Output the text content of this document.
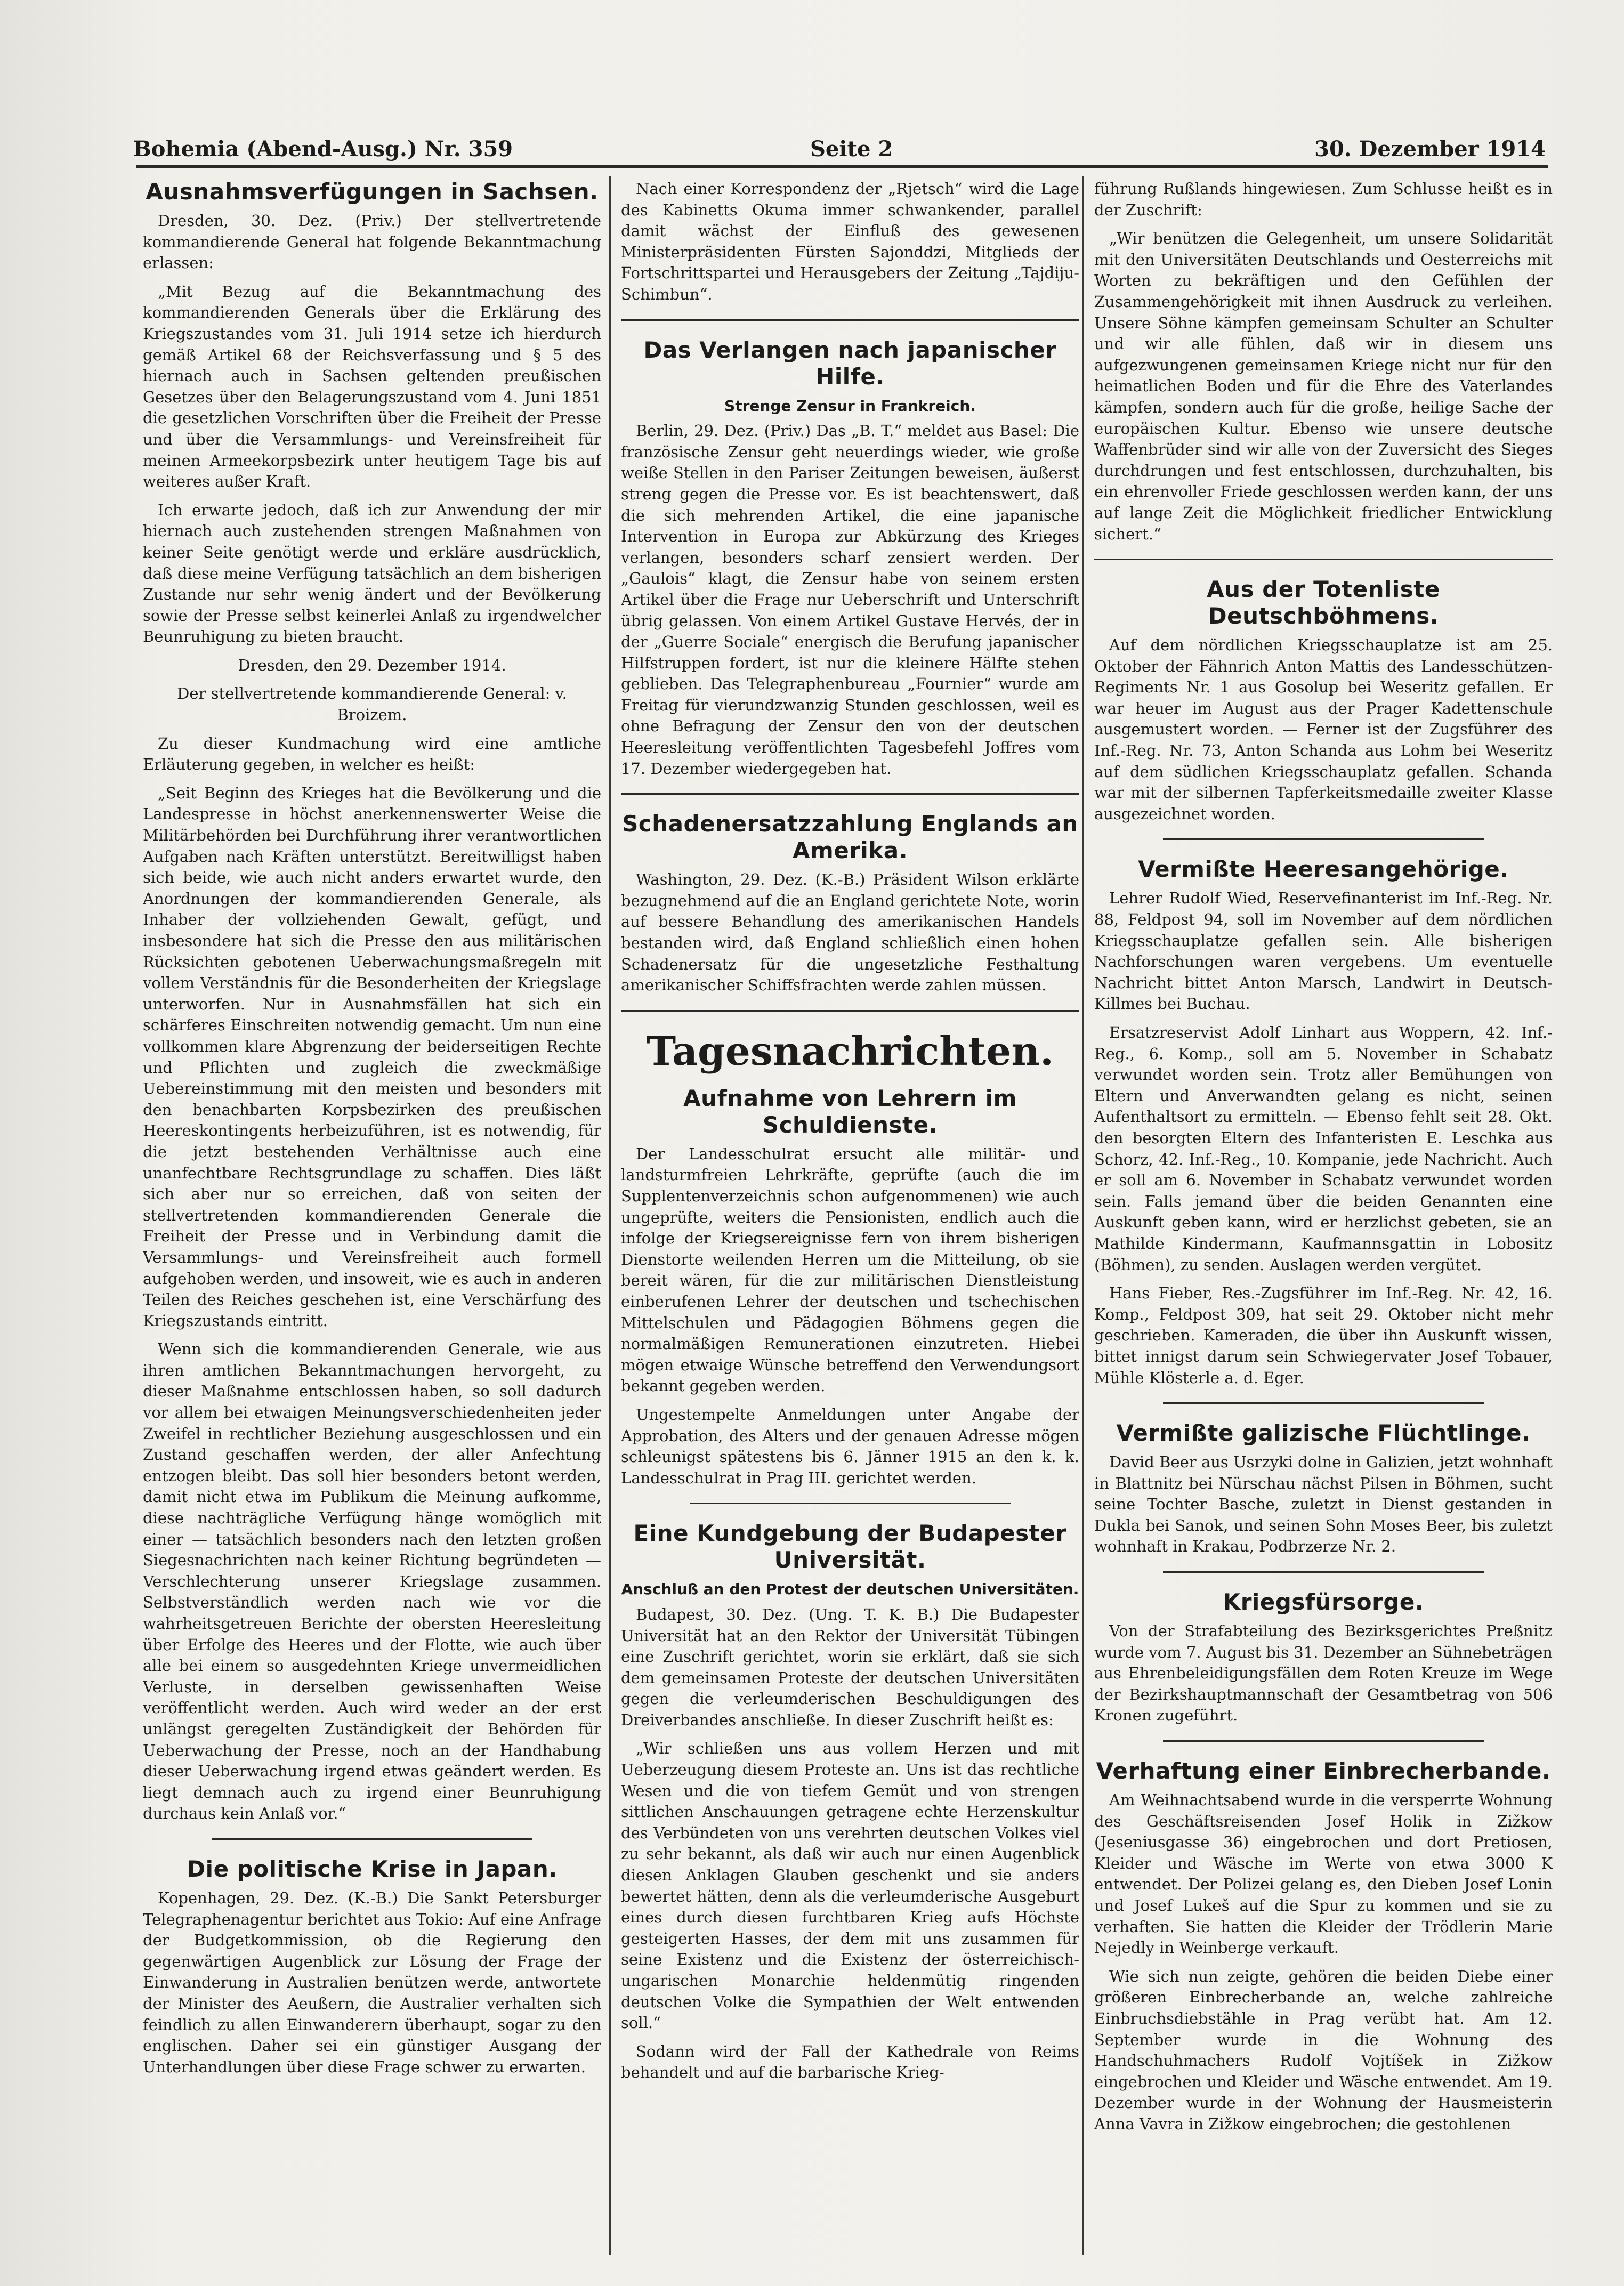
Bohemia (Abend-Ausg.) Nr. 359	Seite 2	30. Dezember 1914
Ausnahmsverfügungen in Sachsen.

Dresden, 30. Dez. (Priv.) Der stellvertretende kommandierende General hat folgende Bekanntmachung erlassen:

„Mit Bezug auf die Bekanntmachung des kommandierenden Generals über die Erklärung des Kriegszustandes vom 31. Juli 1914 setze ich hierdurch gemäß Artikel 68 der Reichsverfassung und § 5 des hiernach auch in Sachsen geltenden preußischen Gesetzes über den Belagerungszustand vom 4. Juni 1851 die gesetzlichen Vorschriften über die Freiheit der Presse und über die Versammlungs- und Vereinsfreiheit für meinen Armeekorpsbezirk unter heutigem Tage bis auf weiteres außer Kraft.

Ich erwarte jedoch, daß ich zur Anwendung der mir hiernach auch zustehenden strengen Maßnahmen von keiner Seite genötigt werde und erkläre ausdrücklich, daß diese meine Verfügung tatsächlich an dem bisherigen Zustande nur sehr wenig ändert und der Bevölkerung sowie der Presse selbst keinerlei Anlaß zu irgendwelcher Beunruhigung zu bieten braucht.

Dresden, den 29. Dezember 1914.

Der stellvertretende kommandierende General: v. Broizem.

Zu dieser Kundmachung wird eine amtliche Erläuterung gegeben, in welcher es heißt:

„Seit Beginn des Krieges hat die Bevölkerung und die Landespresse in höchst anerkennenswerter Weise die Militärbehörden bei Durchführung ihrer verantwortlichen Aufgaben nach Kräften unterstützt. Bereitwilligst haben sich beide, wie auch nicht anders erwartet wurde, den Anordnungen der kommandierenden Generale, als Inhaber der vollziehenden Gewalt, gefügt, und insbesondere hat sich die Presse den aus militärischen Rücksichten gebotenen Ueberwachungsmaßregeln mit vollem Verständnis für die Besonderheiten der Kriegslage unterworfen. Nur in Ausnahmsfällen hat sich ein schärferes Einschreiten notwendig gemacht. Um nun eine vollkommen klare Abgrenzung der beiderseitigen Rechte und Pflichten und zugleich die zweckmäßige Uebereinstimmung mit den meisten und besonders mit den benachbarten Korpsbezirken des preußischen Heereskontingents herbeizuführen, ist es notwendig, für die jetzt bestehenden Verhältnisse auch eine unanfechtbare Rechtsgrundlage zu schaffen. Dies läßt sich aber nur so erreichen, daß von seiten der stellvertretenden kommandierenden Generale die Freiheit der Presse und in Verbindung damit die Versammlungs- und Vereinsfreiheit auch formell aufgehoben werden, und insoweit, wie es auch in anderen Teilen des Reiches geschehen ist, eine Verschärfung des Kriegszustands eintritt.

Wenn sich die kommandierenden Generale, wie aus ihren amtlichen Bekanntmachungen hervorgeht, zu dieser Maßnahme entschlossen haben, so soll dadurch vor allem bei etwaigen Meinungsverschiedenheiten jeder Zweifel in rechtlicher Beziehung ausgeschlossen und ein Zustand geschaffen werden, der aller Anfechtung entzogen bleibt. Das soll hier besonders betont werden, damit nicht etwa im Publikum die Meinung aufkomme, diese nachträgliche Verfügung hänge womöglich mit einer — tatsächlich besonders nach den letzten großen Siegesnachrichten nach keiner Richtung begründeten — Verschlechterung unserer Kriegslage zusammen. Selbstverständlich werden nach wie vor die wahrheitsgetreuen Berichte der obersten Heeresleitung über Erfolge des Heeres und der Flotte, wie auch über alle bei einem so ausgedehnten Kriege unvermeidlichen Verluste, in derselben gewissenhaften Weise veröffentlicht werden. Auch wird weder an der erst unlängst geregelten Zuständigkeit der Behörden für Ueberwachung der Presse, noch an der Handhabung dieser Ueberwachung irgend etwas geändert werden. Es liegt demnach auch zu irgend einer Beunruhigung durchaus kein Anlaß vor.“

Die politische Krise in Japan.

Kopenhagen, 29. Dez. (K.-B.) Die Sankt Petersburger Telegraphenagentur berichtet aus Tokio: Auf eine Anfrage der Budgetkommission, ob die Regierung den gegenwärtigen Augenblick zur Lösung der Frage der Einwanderung in Australien benützen werde, antwortete der Minister des Aeußern, die Australier verhalten sich feindlich zu allen Einwanderern überhaupt, sogar zu den englischen. Daher sei ein günstiger Ausgang der Unterhandlungen über diese Frage schwer zu erwarten.

Nach einer Korrespondenz der „Rjetsch“ wird die Lage des Kabinetts Okuma immer schwankender, parallel damit wächst der Einfluß des gewesenen Ministerpräsidenten Fürsten Sajonddzi, Mitglieds der Fortschrittspartei und Herausgebers der Zeitung „Tajdiju-Schimbun“.

Das Verlangen nach japanischer Hilfe.
Strenge Zensur in Frankreich.

Berlin, 29. Dez. (Priv.) Das „B. T.“ meldet aus Basel: Die französische Zensur geht neuerdings wieder, wie große weiße Stellen in den Pariser Zeitungen beweisen, äußerst streng gegen die Presse vor. Es ist beachtenswert, daß die sich mehrenden Artikel, die eine japanische Intervention in Europa zur Abkürzung des Krieges verlangen, besonders scharf zensiert werden. Der „Gaulois“ klagt, die Zensur habe von seinem ersten Artikel über die Frage nur Ueberschrift und Unterschrift übrig gelassen. Von einem Artikel Gustave Hervés, der in der „Guerre Sociale“ energisch die Berufung japanischer Hilfstruppen fordert, ist nur die kleinere Hälfte stehen geblieben. Das Telegraphenbureau „Fournier“ wurde am Freitag für vierundzwanzig Stunden geschlossen, weil es ohne Befragung der Zensur den von der deutschen Heeresleitung veröffentlichten Tagesbefehl Joffres vom 17. Dezember wiedergegeben hat.

Schadenersatzzahlung Englands an Amerika.

Washington, 29. Dez. (K.-B.) Präsident Wilson erklärte bezugnehmend auf die an England gerichtete Note, worin auf bessere Behandlung des amerikanischen Handels bestanden wird, daß England schließlich einen hohen Schadenersatz für die ungesetzliche Festhaltung amerikanischer Schiffsfrachten werde zahlen müssen.

Tagesnachrichten.
Aufnahme von Lehrern im Schuldienste.

Der Landesschulrat ersucht alle militär- und landsturmfreien Lehrkräfte, geprüfte (auch die im Supplentenverzeichnis schon aufgenommenen) wie auch ungeprüfte, weiters die Pensionisten, endlich auch die infolge der Kriegsereignisse fern von ihrem bisherigen Dienstorte weilenden Herren um die Mitteilung, ob sie bereit wären, für die zur militärischen Dienstleistung einberufenen Lehrer der deutschen und tschechischen Mittelschulen und Pädagogien Böhmens gegen die normalmäßigen Remunerationen einzutreten. Hiebei mögen etwaige Wünsche betreffend den Verwendungsort bekannt gegeben werden.

Ungestempelte Anmeldungen unter Angabe der Approbation, des Alters und der genauen Adresse mögen schleunigst spätestens bis 6. Jänner 1915 an den k. k. Landesschulrat in Prag III. gerichtet werden.

Eine Kundgebung der Budapester Universität.
Anschluß an den Protest der deutschen Universitäten.

Budapest, 30. Dez. (Ung. T. K. B.) Die Budapester Universität hat an den Rektor der Universität Tübingen eine Zuschrift gerichtet, worin sie erklärt, daß sie sich dem gemeinsamen Proteste der deutschen Universitäten gegen die verleumderischen Beschuldigungen des Dreiverbandes anschließe. In dieser Zuschrift heißt es:

„Wir schließen uns aus vollem Herzen und mit Ueberzeugung diesem Proteste an. Uns ist das rechtliche Wesen und die von tiefem Gemüt und von strengen sittlichen Anschauungen getragene echte Herzenskultur des Verbündeten von uns verehrten deutschen Volkes viel zu sehr bekannt, als daß wir auch nur einen Augenblick diesen Anklagen Glauben geschenkt und sie anders bewertet hätten, denn als die verleumderische Ausgeburt eines durch diesen furchtbaren Krieg aufs Höchste gesteigerten Hasses, der dem mit uns zusammen für seine Existenz und die Existenz der österreichisch-ungarischen Monarchie heldenmütig ringenden deutschen Volke die Sympathien der Welt entwenden soll.“

Sodann wird der Fall der Kathedrale von Reims behandelt und auf die barbarische Krieg-

führung Rußlands hingewiesen. Zum Schlusse heißt es in der Zuschrift:

„Wir benützen die Gelegenheit, um unsere Solidarität mit den Universitäten Deutschlands und Oesterreichs mit Worten zu bekräftigen und den Gefühlen der Zusammengehörigkeit mit ihnen Ausdruck zu verleihen. Unsere Söhne kämpfen gemeinsam Schulter an Schulter und wir alle fühlen, daß wir in diesem uns aufgezwungenen gemeinsamen Kriege nicht nur für den heimatlichen Boden und für die Ehre des Vaterlandes kämpfen, sondern auch für die große, heilige Sache der europäischen Kultur. Ebenso wie unsere deutsche Waffenbrüder sind wir alle von der Zuversicht des Sieges durchdrungen und fest entschlossen, durchzuhalten, bis ein ehrenvoller Friede geschlossen werden kann, der uns auf lange Zeit die Möglichkeit friedlicher Entwicklung sichert.“

Aus der Totenliste Deutschböhmens.

Auf dem nördlichen Kriegsschauplatze ist am 25. Oktober der Fähnrich Anton Mattis des Landesschützen-Regiments Nr. 1 aus Gosolup bei Weseritz gefallen. Er war heuer im August aus der Prager Kadettenschule ausgemustert worden. — Ferner ist der Zugsführer des Inf.-Reg. Nr. 73, Anton Schanda aus Lohm bei Weseritz auf dem südlichen Kriegsschauplatz gefallen. Schanda war mit der silbernen Tapferkeitsmedaille zweiter Klasse ausgezeichnet worden.

Vermißte Heeresangehörige.

Lehrer Rudolf Wied, Reservefinanterist im Inf.-Reg. Nr. 88, Feldpost 94, soll im November auf dem nördlichen Kriegsschauplatze gefallen sein. Alle bisherigen Nachforschungen waren vergebens. Um eventuelle Nachricht bittet Anton Marsch, Landwirt in Deutsch-Killmes bei Buchau.

Ersatzreservist Adolf Linhart aus Woppern, 42. Inf.-Reg., 6. Komp., soll am 5. November in Schabatz verwundet worden sein. Trotz aller Bemühungen von Eltern und Anverwandten gelang es nicht, seinen Aufenthaltsort zu ermitteln. — Ebenso fehlt seit 28. Okt. den besorgten Eltern des Infanteristen E. Leschka aus Schorz, 42. Inf.-Reg., 10. Kompanie, jede Nachricht. Auch er soll am 6. November in Schabatz verwundet worden sein. Falls jemand über die beiden Genannten eine Auskunft geben kann, wird er herzlichst gebeten, sie an Mathilde Kindermann, Kaufmannsgattin in Lobositz (Böhmen), zu senden. Auslagen werden vergütet.

Hans Fieber, Res.-Zugsführer im Inf.-Reg. Nr. 42, 16. Komp., Feldpost 309, hat seit 29. Oktober nicht mehr geschrieben. Kameraden, die über ihn Auskunft wissen, bittet innigst darum sein Schwiegervater Josef Tobauer, Mühle Klösterle a. d. Eger.

Vermißte galizische Flüchtlinge.

David Beer aus Usrzyki dolne in Galizien, jetzt wohnhaft in Blattnitz bei Nürschau nächst Pilsen in Böhmen, sucht seine Tochter Basche, zuletzt in Dienst gestanden in Dukla bei Sanok, und seinen Sohn Moses Beer, bis zuletzt wohnhaft in Krakau, Podbrzerze Nr. 2.

Kriegsfürsorge.

Von der Strafabteilung des Bezirksgerichtes Preßnitz wurde vom 7. August bis 31. Dezember an Sühnebeträgen aus Ehrenbeleidigungsfällen dem Roten Kreuze im Wege der Bezirkshauptmannschaft der Gesamtbetrag von 506 Kronen zugeführt.

Verhaftung einer Einbrecherbande.

Am Weihnachtsabend wurde in die versperrte Wohnung des Geschäftsreisenden Josef Holik in Zižkow (Jeseniusgasse 36) eingebrochen und dort Pretiosen, Kleider und Wäsche im Werte von etwa 3000 K entwendet. Der Polizei gelang es, den Dieben Josef Lonin und Josef Lukeš auf die Spur zu kommen und sie zu verhaften. Sie hatten die Kleider der Trödlerin Marie Nejedly in Weinberge verkauft.

Wie sich nun zeigte, gehören die beiden Diebe einer größeren Einbrecherbande an, welche zahlreiche Einbruchsdiebstähle in Prag verübt hat. Am 12. September wurde in die Wohnung des Handschuhmachers Rudolf Vojtíšek in Zižkow eingebrochen und Kleider und Wäsche entwendet. Am 19. Dezember wurde in der Wohnung der Hausmeisterin Anna Vavra in Zižkow eingebrochen; die gestohlenen
